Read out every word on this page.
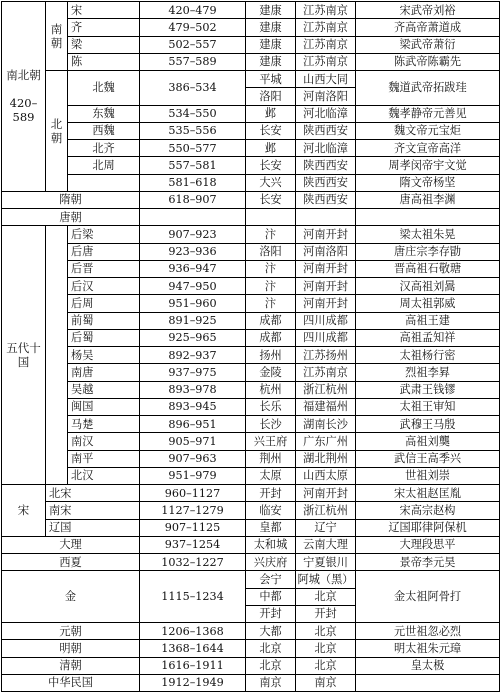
南北朝

420–589	南朝	宋	420–479	建康	江苏南京	宋武帝刘裕
		齐	479–502	建康	江苏南京	齐高帝萧道成
		梁	502–557	建康	江苏南京	梁武帝萧衍
		陈	557–589	建康	江苏南京	陈武帝陈霸先
	北朝	北魏	386–534	平城	山西大同	魏道武帝拓跋珪
				洛阳	河南洛阳	
		东魏	534–550	邺	河北临漳	魏孝静帝元善见
		西魏	535–556	长安	陕西西安	魏文帝元宝炬
		北齐	550–577	邺	河北临漳	齐文宣帝高洋
		北周	557–581	长安	陕西西安	周孝闵帝宇文觉
			581–618	大兴	陕西西安	隋文帝杨坚
隋朝			618–907	长安	陕西西安	唐高祖李渊
唐朝						
五代十
国		后梁	907–923	汴	河南开封	梁太祖朱晃
		后唐	923–936	洛阳	河南洛阳	唐庄宗李存勖
		后晋	936–947	汴	河南开封	晋高祖石敬瑭
		后汉	947–950	汴	河南开封	汉高祖刘暠
		后周	951–960	汴	河南开封	周太祖郭威
		前蜀	891–925	成都	四川成都	高祖王建
		后蜀	925–965	成都	四川成都	高祖孟知祥
		杨吴	892–937	扬州	江苏扬州	太祖杨行密
		南唐	937–975	金陵	江苏南京	烈祖李昪
		吴越	893–978	杭州	浙江杭州	武肃王钱镠
		闽国	893–945	长乐	福建福州	太祖王审知
		马楚	896–951	长沙	湖南长沙	武穆王马殷
		南汉	905–971	兴王府	广东广州	高祖刘龑
		南平	907–963	荆州	湖北荆州	武信王高季兴
		北汉	951–979	太原	山西太原	世祖刘崇
宋	北宋		960–1127	开封	河南开封	宋太祖赵匡胤
	南宋		1127–1279	临安	浙江杭州	宋高宗赵构
	辽国		907–1125	皇都	辽宁	辽国耶律阿保机
大理			937–1254	太和城	云南大理	大理段思平
西夏			1032–1227	兴庆府	宁夏银川	景帝李元昊
金			1115–1234	会宁	阿城（黑）	金太祖阿骨打
				中都	北京	
				开封	开封	
元朝			1206–1368	大都	北京	元世祖忽必烈
明朝			1368–1644	北京	北京	明太祖朱元璋
清朝			1616–1911	北京	北京	皇太极
中华民国			1912–1949	南京	南京	
